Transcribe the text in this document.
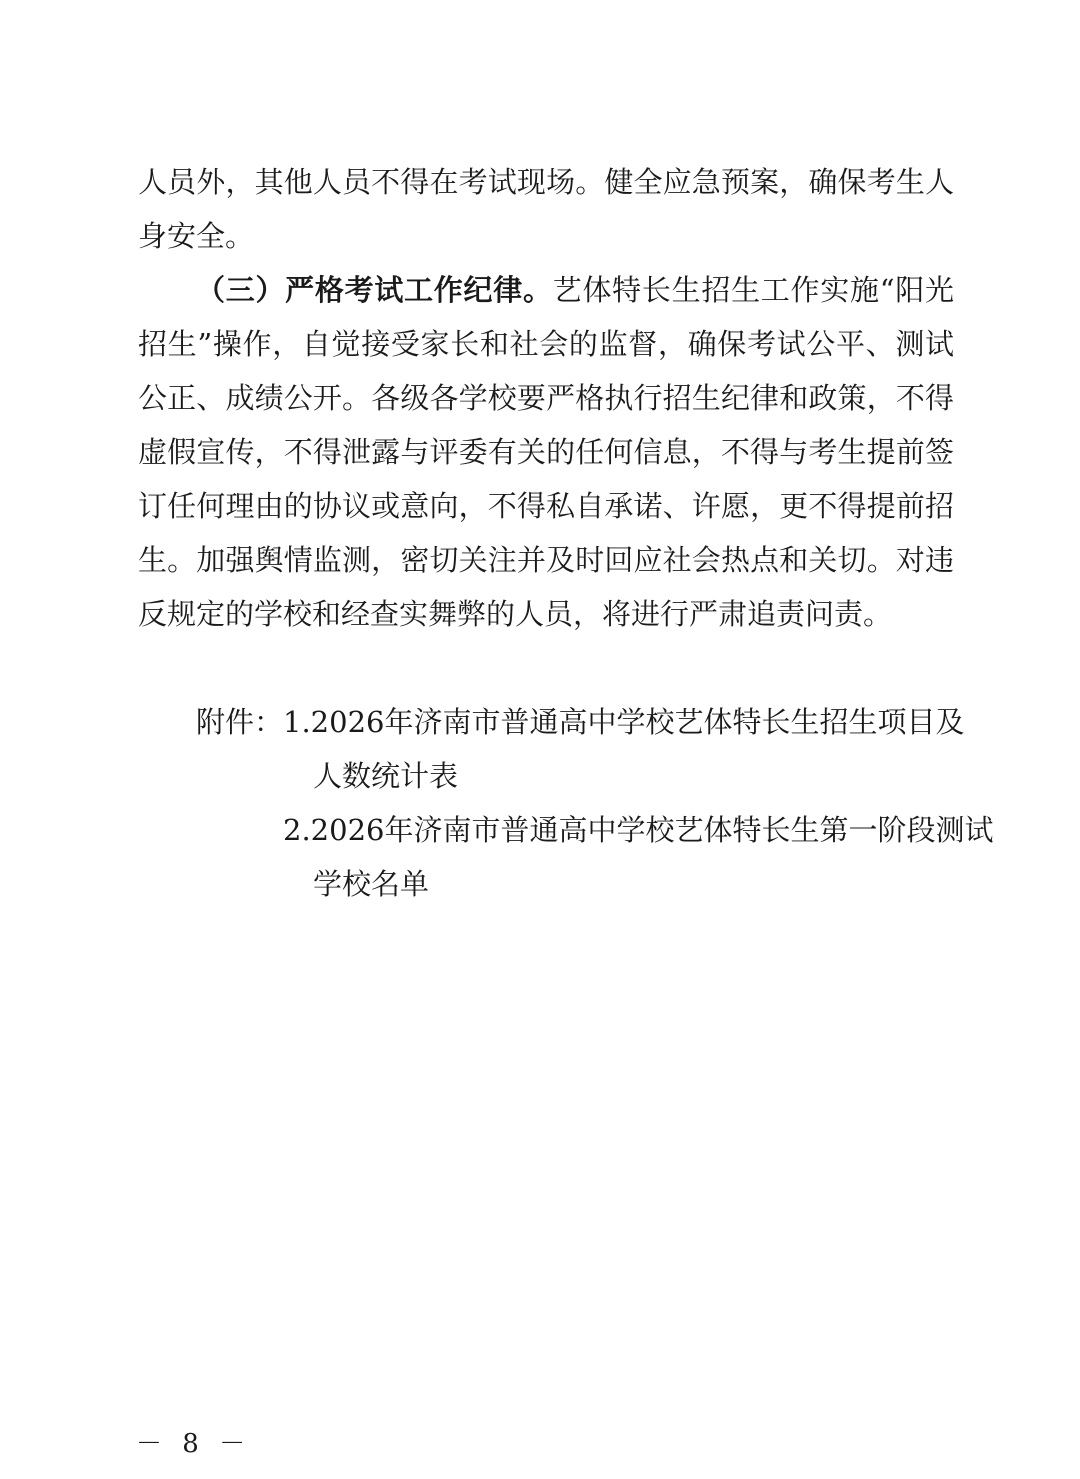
人员外，其他人员不得在考试现场。健全应急预案，确保考生人
身安全。
（三）严格考试工作纪律。艺体特长生招生工作实施“阳光
招生”操作，自觉接受家长和社会的监督，确保考试公平、测试
公正、成绩公开。各级各学校要严格执行招生纪律和政策，不得
虚假宣传，不得泄露与评委有关的任何信息，不得与考生提前签
订任何理由的协议或意向，不得私自承诺、许愿，更不得提前招
生。加强舆情监测，密切关注并及时回应社会热点和关切。对违
反规定的学校和经查实舞弊的人员，将进行严肃追责问责。
附件： 1.2026年济南市普通高中学校艺体特长生招生项目及
人数统计表
2.2026年济南市普通高中学校艺体特长生第一阶段测试
学校名单
－ 8 －
